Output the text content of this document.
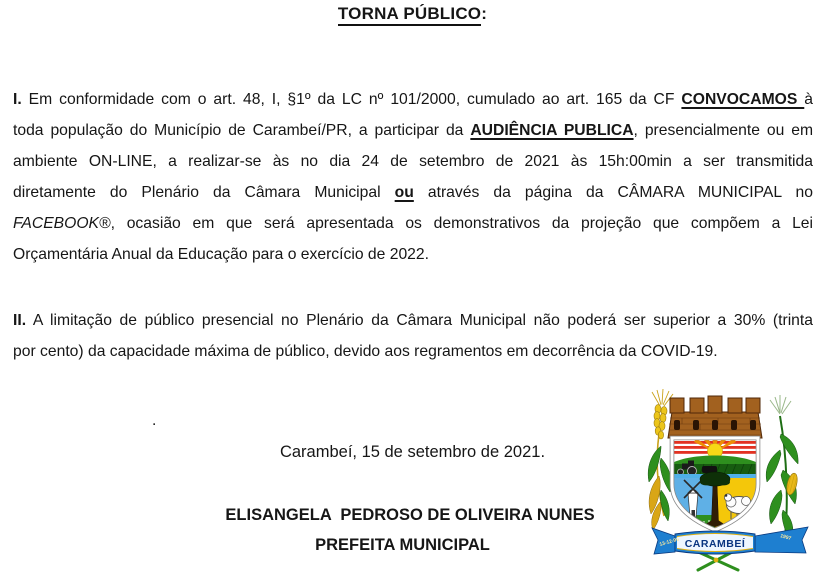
TORNA PÚBLICO:
I. Em conformidade com o art. 48, I, §1º da LC nº 101/2000, cumulado ao art. 165 da CF CONVOCAMOS à
toda população do Município de Carambeí/PR, a participar da AUDIÊNCIA PUBLICA, presencialmente ou em
ambiente ON-LINE, a realizar-se às no dia 24 de setembro de 2021 às 15h:00min a ser transmitida
diretamente do Plenário da Câmara Municipal ou através da página da CÂMARA MUNICIPAL no
FACEBOOK®, ocasião em que será apresentada os demonstrativos da projeção que compõem a Lei
Orçamentária Anual da Educação para o exercício de 2022.
II. A limitação de público presencial no Plenário da Câmara Municipal não poderá ser superior a 30% (trinta
por cento) da capacidade máxima de público, devido aos regramentos em decorrência da COVID-19.
.
Carambeí, 15 de setembro de 2021.
ELISANGELA  PEDROSO DE OLIVEIRA NUNES
PREFEITA MUNICIPAL	CARAMBEÍ
13-12-95	1997
